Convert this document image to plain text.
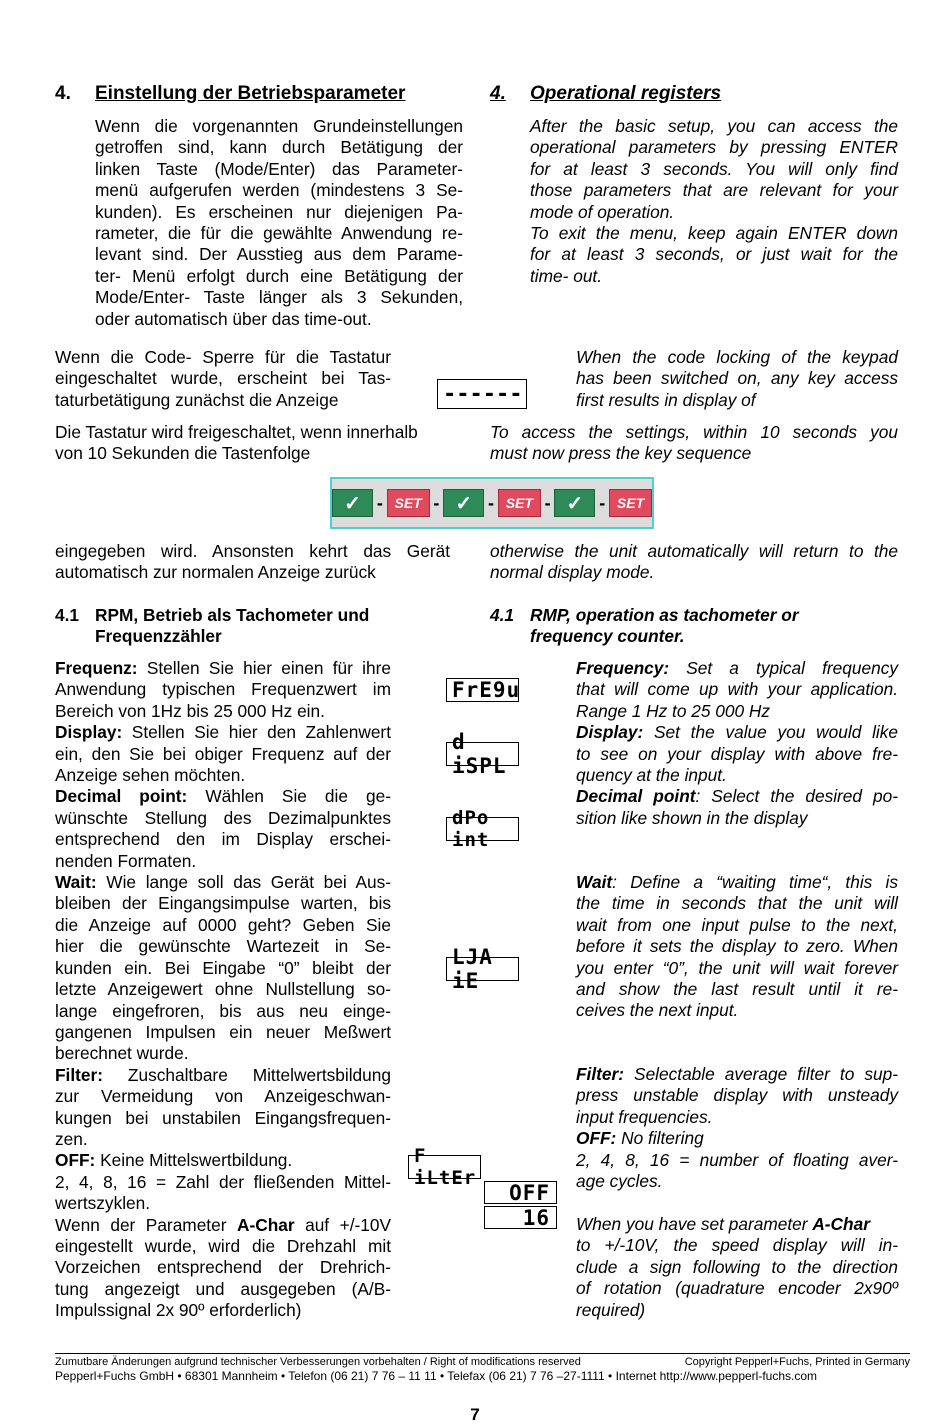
4. Einstellung der Betriebsparameter	4. Operational registers
Wenn die vorgenannten Grundeinstellungen
getroffen sind, kann durch Betätigung der
linken Taste (Mode/Enter) das Parameter-
menü aufgerufen werden (mindestens 3 Se-
kunden). Es erscheinen nur diejenigen Pa-
rameter, die für die gewählte Anwendung re-
levant sind. Der Ausstieg aus dem Parame-
ter- Menü erfolgt durch eine Betätigung der
Mode/Enter- Taste länger als 3 Sekunden,
oder automatisch über das time-out.
After the basic setup, you can access the
operational parameters by pressing ENTER
for at least 3 seconds. You will only find
those parameters that are relevant for your
mode of operation.
To exit the menu, keep again ENTER down
for at least 3 seconds, or just wait for the
time- out.
Wenn die Code- Sperre für die Tastatur
eingeschaltet wurde, erscheint bei Tas-
taturbetätigung zunächst die Anzeige	------
When the code locking of the keypad
has been switched on, any key access
first results in display of
Die Tastatur wird freigeschaltet, wenn innerhalb
von 10 Sekunden die Tastenfolge
To access the settings, within 10 seconds you
must now press the key sequence
✓ - SET - ✓ - SET - ✓ - SET
eingegeben wird. Ansonsten kehrt das Gerät
automatisch zur normalen Anzeige zurück
otherwise the unit automatically will return to the
normal display mode.
4.1 RPM, Betrieb als Tachometer und
Frequenzzähler
4.1 RMP, operation as tachometer or
frequency counter.
Frequenz: Stellen Sie hier einen für ihre
Anwendung typischen Frequenzwert im
Bereich von 1Hz bis 25 000 Hz ein.
Display: Stellen Sie hier den Zahlenwert
ein, den Sie bei obiger Frequenz auf der
Anzeige sehen möchten.
Decimal point: Wählen Sie die ge-
wünschte Stellung des Dezimalpunktes
entsprechend den im Display erschei-
nenden Formaten.
Wait: Wie lange soll das Gerät bei Aus-
bleiben der Eingangsimpulse warten, bis
die Anzeige auf 0000 geht? Geben Sie
hier die gewünschte Wartezeit in Se-
kunden ein. Bei Eingabe “0” bleibt der
letzte Anzeigewert ohne Nullstellung so-
lange eingefroren, bis aus neu einge-
gangenen Impulsen ein neuer Meßwert
berechnet wurde.
Filter: Zuschaltbare Mittelwertsbildung
zur Vermeidung von Anzeigeschwan-
kungen bei unstabilen Eingangsfrequen-
zen.
OFF: Keine Mittelswertbildung.
2, 4, 8, 16 = Zahl der fließenden Mittel-
wertszyklen.
Wenn der Parameter A-Char auf +/-10V
eingestellt wurde, wird die Drehzahl mit
Vorzeichen entsprechend der Drehrich-
tung angezeigt und ausgegeben (A/B-
Impulssignal 2x 90º erforderlich)
FrE9u
d iSPL
dPo int
LJA iE
F iLtEr
OFF
16
Frequency: Set a typical frequency
that will come up with your application.
Range 1 Hz to 25 000 Hz
Display: Set the value you would like
to see on your display with above fre-
quency at the input.
Decimal point: Select the desired po-
sition like shown in the display
Wait: Define a “waiting time“, this is
the time in seconds that the unit will
wait from one input pulse to the next,
before it sets the display to zero. When
you enter “0”, the unit will wait forever
and show the last result until it re-
ceives the next input.
Filter: Selectable average filter to sup-
press unstable display with unsteady
input frequencies.
OFF: No filtering
2, 4, 8, 16 = number of floating aver-
age cycles.
When you have set parameter A-Char
to +/-10V, the speed display will in-
clude a sign following to the direction
of rotation (quadrature encoder 2x90º
required)
Zumutbare Änderungen aufgrund technischer Verbesserungen vorbehalten / Right of modifications reserved	Copyright Pepperl+Fuchs, Printed in Germany
Pepperl+Fuchs GmbH • 68301 Mannheim • Telefon (06 21) 7 76 – 11 11 • Telefax (06 21) 7 76 –27-1111 • Internet http://www.pepperl-fuchs.com
7
